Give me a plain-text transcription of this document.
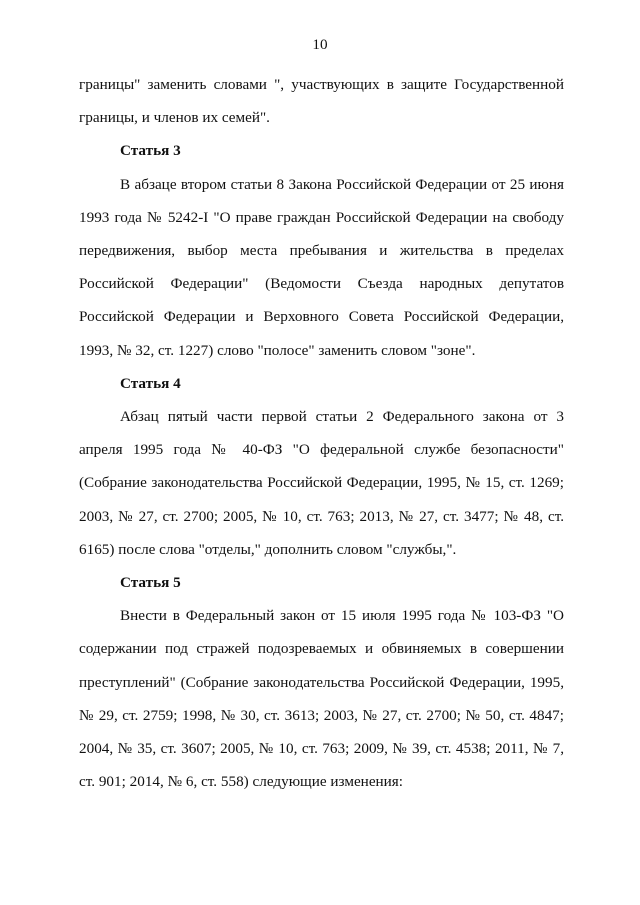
10

границы" заменить словами ", участвующих в защите Государственной границы, и членов их семей".

Статья 3

В абзаце втором статьи 8 Закона Российской Федерации от 25 июня 1993 года № 5242-I "О праве граждан Российской Федерации на свободу передвижения, выбор места пребывания и жительства в пределах Российской Федерации" (Ведомости Съезда народных депутатов Российской Федерации и Верховного Совета Российской Федерации, 1993, № 32, ст. 1227) слово "полосе" заменить словом "зоне".

Статья 4

Абзац пятый части первой статьи 2 Федерального закона от 3 апреля 1995 года № 40-ФЗ "О федеральной службе безопасности" (Собрание законодательства Российской Федерации, 1995, № 15, ст. 1269; 2003, № 27, ст. 2700; 2005, № 10, ст. 763; 2013, № 27, ст. 3477; № 48, ст. 6165) после слова "отделы," дополнить словом "службы,".

Статья 5

Внести в Федеральный закон от 15 июля 1995 года № 103-ФЗ "О содержании под стражей подозреваемых и обвиняемых в совершении преступлений" (Собрание законодательства Российской Федерации, 1995, № 29, ст. 2759; 1998, № 30, ст. 3613; 2003, № 27, ст. 2700; № 50, ст. 4847; 2004, № 35, ст. 3607; 2005, № 10, ст. 763; 2009, № 39, ст. 4538; 2011, № 7, ст. 901; 2014, № 6, ст. 558) следующие изменения:
